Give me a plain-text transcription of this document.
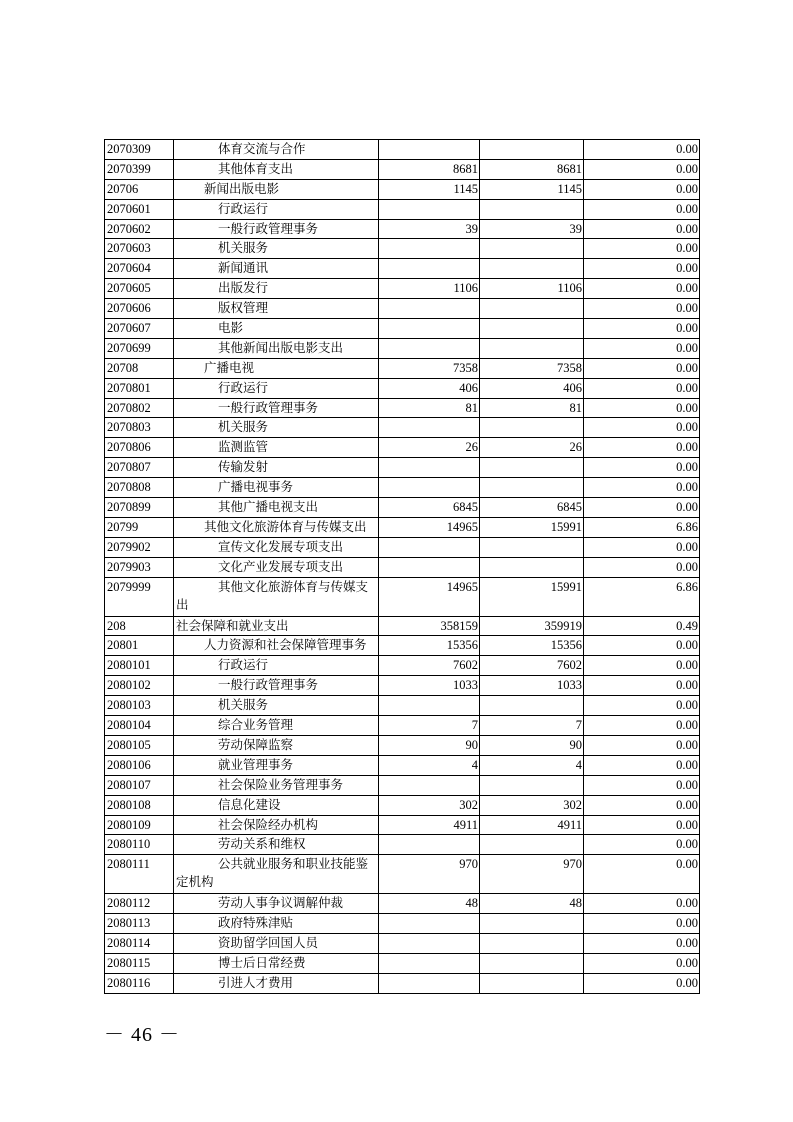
2070309	体育交流与合作			0.00
2070399	其他体育支出	8681	8681	0.00
20706	新闻出版电影	1145	1145	0.00
2070601	行政运行			0.00
2070602	一般行政管理事务	39	39	0.00
2070603	机关服务			0.00
2070604	新闻通讯			0.00
2070605	出版发行	1106	1106	0.00
2070606	版权管理			0.00
2070607	电影			0.00
2070699	其他新闻出版电影支出			0.00
20708	广播电视	7358	7358	0.00
2070801	行政运行	406	406	0.00
2070802	一般行政管理事务	81	81	0.00
2070803	机关服务			0.00
2070806	监测监管	26	26	0.00
2070807	传输发射			0.00
2070808	广播电视事务			0.00
2070899	其他广播电视支出	6845	6845	0.00
20799	其他文化旅游体育与传媒支出	14965	15991	6.86
2079902	宣传文化发展专项支出			0.00
2079903	文化产业发展专项支出			0.00
2079999	其他文化旅游体育与传媒支出	14965	15991	6.86
208	社会保障和就业支出	358159	359919	0.49
20801	人力资源和社会保障管理事务	15356	15356	0.00
2080101	行政运行	7602	7602	0.00
2080102	一般行政管理事务	1033	1033	0.00
2080103	机关服务			0.00
2080104	综合业务管理	7	7	0.00
2080105	劳动保障监察	90	90	0.00
2080106	就业管理事务	4	4	0.00
2080107	社会保险业务管理事务			0.00
2080108	信息化建设	302	302	0.00
2080109	社会保险经办机构	4911	4911	0.00
2080110	劳动关系和维权			0.00
2080111	公共就业服务和职业技能鉴定机构	970	970	0.00
2080112	劳动人事争议调解仲裁	48	48	0.00
2080113	政府特殊津贴			0.00
2080114	资助留学回国人员			0.00
2080115	博士后日常经费			0.00
2080116	引进人才费用			0.00
－ 46 －
